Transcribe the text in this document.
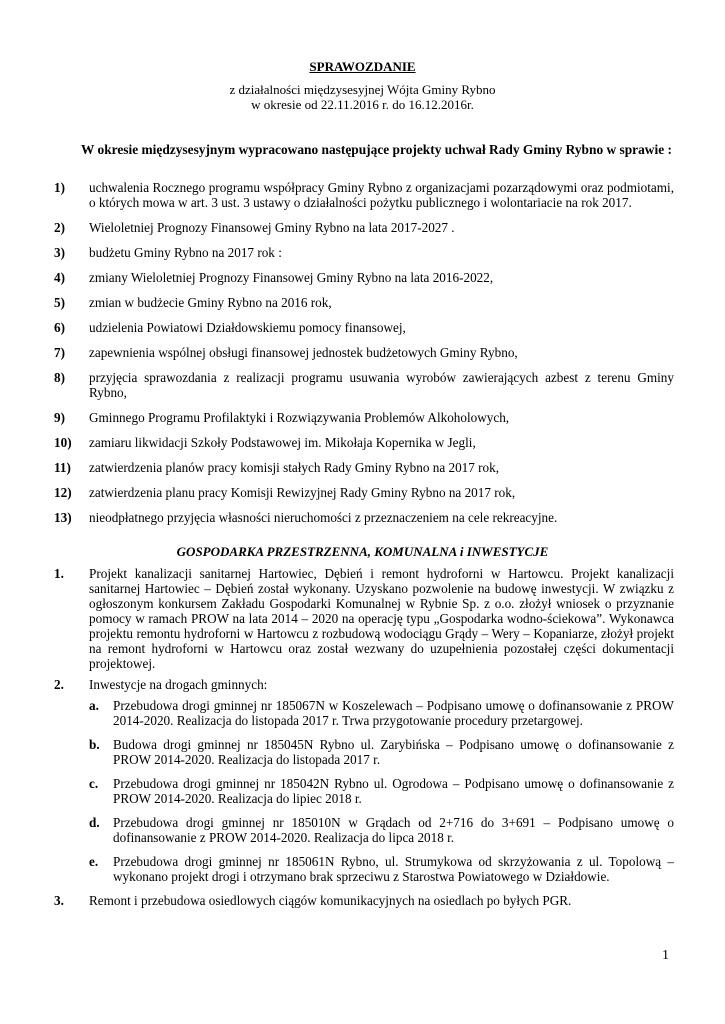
SPRAWOZDANIE
z działalności międzysesyjnej Wójta Gminy Rybno
w okresie od 22.11.2016 r. do 16.12.2016r.
W okresie międzysesyjnym wypracowano następujące projekty uchwał Rady Gminy Rybno w sprawie :
1) uchwalenia Rocznego programu współpracy Gminy Rybno z organizacjami pozarządowymi oraz podmiotami, o których mowa w art. 3 ust. 3 ustawy o działalności pożytku publicznego i wolontariacie na rok 2017.
2) Wieloletniej Prognozy Finansowej Gminy Rybno na lata 2017-2027 .
3) budżetu Gminy Rybno na 2017 rok :
4) zmiany Wieloletniej Prognozy Finansowej Gminy Rybno na lata 2016-2022,
5) zmian w budżecie Gminy Rybno na 2016 rok,
6) udzielenia Powiatowi Działdowskiemu pomocy finansowej,
7) zapewnienia wspólnej obsługi finansowej jednostek budżetowych Gminy Rybno,
8) przyjęcia sprawozdania z realizacji programu usuwania wyrobów zawierających azbest z terenu Gminy Rybno,
9) Gminnego Programu Profilaktyki i Rozwiązywania Problemów Alkoholowych,
10) zamiaru likwidacji Szkoły Podstawowej im. Mikołaja Kopernika w Jegli,
11) zatwierdzenia planów pracy komisji stałych Rady Gminy Rybno na 2017 rok,
12) zatwierdzenia planu pracy Komisji Rewizyjnej Rady Gminy Rybno na 2017 rok,
13) nieodpłatnego przyjęcia własności nieruchomości z przeznaczeniem na cele rekreacyjne.
GOSPODARKA PRZESTRZENNA, KOMUNALNA i INWESTYCJE
1. Projekt kanalizacji sanitarnej Hartowiec, Dębień i remont hydroforni w Hartowcu. Projekt kanalizacji sanitarnej Hartowiec – Dębień został wykonany. Uzyskano pozwolenie na budowę inwestycji. W związku z ogłoszonym konkursem Zakładu Gospodarki Komunalnej w Rybnie Sp. z o.o. złożył wniosek o przyznanie pomocy w ramach PROW na lata 2014 – 2020 na operację typu „Gospodarka wodno-ściekowa”. Wykonawca projektu remontu hydroforni w Hartowcu z rozbudową wodociągu Grądy – Wery – Kopaniarze, złożył projekt na remont hydroforni w Hartowcu oraz został wezwany do uzupełnienia pozostałej części dokumentacji projektowej.
2. Inwestycje na drogach gminnych:
a. Przebudowa drogi gminnej nr 185067N w Koszelewach – Podpisano umowę o dofinansowanie z PROW 2014-2020. Realizacja do listopada 2017 r. Trwa przygotowanie procedury przetargowej.
b. Budowa drogi gminnej nr 185045N Rybno ul. Zarybińska – Podpisano umowę o dofinansowanie z PROW 2014-2020. Realizacja do listopada 2017 r.
c. Przebudowa drogi gminnej nr 185042N Rybno ul. Ogrodowa – Podpisano umowę o dofinansowanie z PROW 2014-2020. Realizacja do lipiec 2018 r.
d. Przebudowa drogi gminnej nr 185010N w Grądach od 2+716 do 3+691 – Podpisano umowę o dofinansowanie z PROW 2014-2020. Realizacja do lipca 2018 r.
e. Przebudowa drogi gminnej nr 185061N Rybno, ul. Strumykowa od skrzyżowania z ul. Topolową – wykonano projekt drogi i otrzymano brak sprzeciwu z Starostwa Powiatowego w Działdowie.
3. Remont i przebudowa osiedlowych ciągów komunikacyjnych na osiedlach po byłych PGR.
1
